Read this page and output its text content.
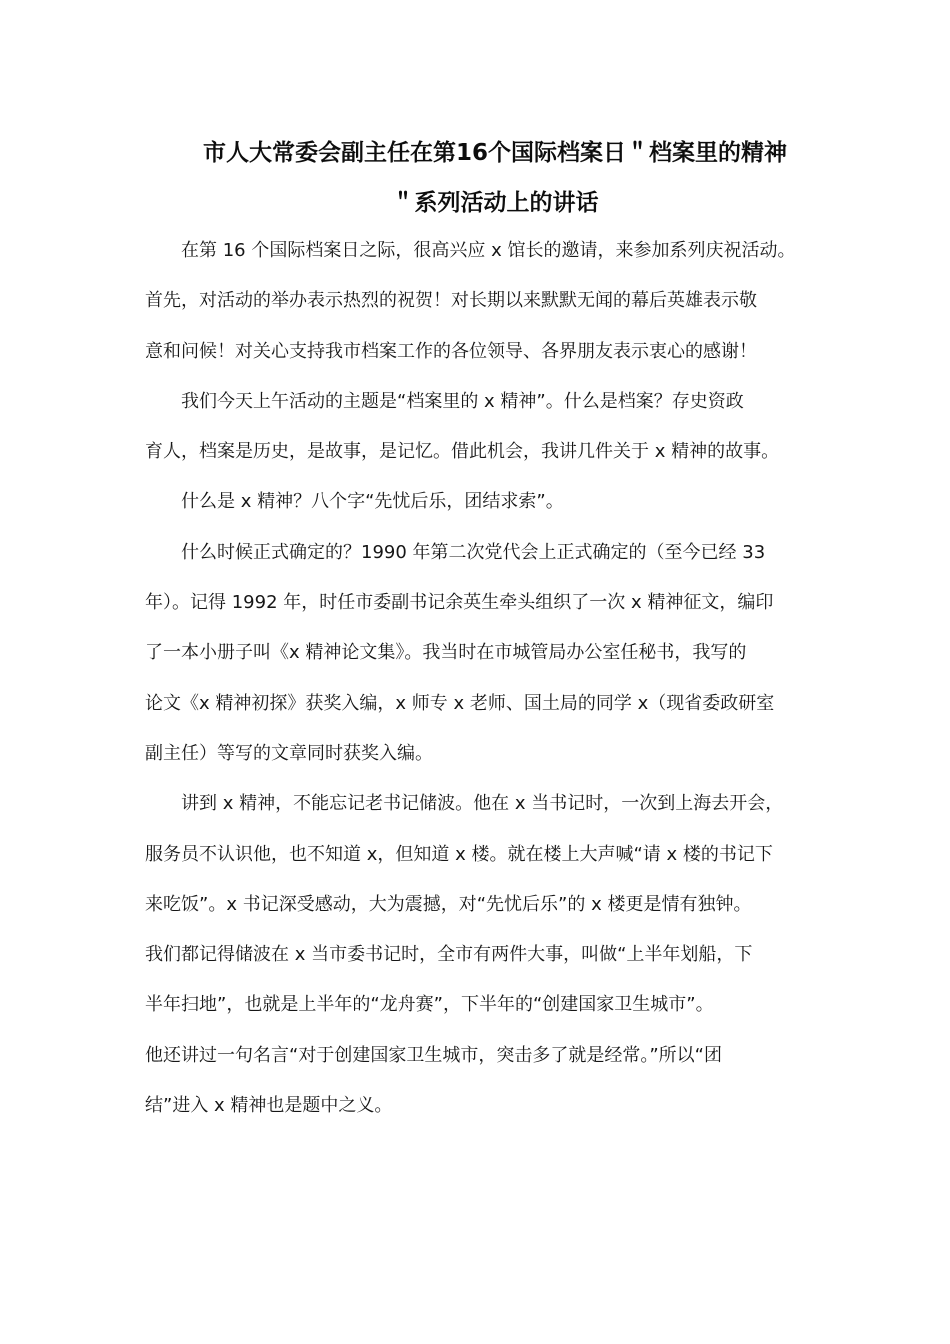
市人大常委会副主任在第16个国际档案日＂档案里的精神
＂系列活动上的讲话

在第 16 个国际档案日之际，很高兴应 x 馆长的邀请，来参加系列庆祝活动。
首先，对活动的举办表示热烈的祝贺！对长期以来默默无闻的幕后英雄表示敬
意和问候！对关心支持我市档案工作的各位领导、各界朋友表示衷心的感谢！

我们今天上午活动的主题是“档案里的 x 精神”。什么是档案？存史资政
育人，档案是历史，是故事，是记忆。借此机会，我讲几件关于 x 精神的故事。

什么是 x 精神？八个字“先忧后乐，团结求索”。

什么时候正式确定的？1990 年第二次党代会上正式确定的（至今已经 33
年）。记得 1992 年，时任市委副书记余英生牵头组织了一次 x 精神征文，编印
了一本小册子叫《x 精神论文集》。我当时在市城管局办公室任秘书，我写的
论文《x 精神初探》获奖入编，x 师专 x 老师、国土局的同学 x（现省委政研室
副主任）等写的文章同时获奖入编。

讲到 x 精神，不能忘记老书记储波。他在 x 当书记时，一次到上海去开会，
服务员不认识他，也不知道 x，但知道 x 楼。就在楼上大声喊“请 x 楼的书记下
来吃饭”。x 书记深受感动，大为震撼，对“先忧后乐”的 x 楼更是情有独钟。
我们都记得储波在 x 当市委书记时，全市有两件大事，叫做“上半年划船，下
半年扫地”，也就是上半年的“龙舟赛”，下半年的“创建国家卫生城市”。
他还讲过一句名言“对于创建国家卫生城市，突击多了就是经常。”所以“团
结”进入 x 精神也是题中之义。
